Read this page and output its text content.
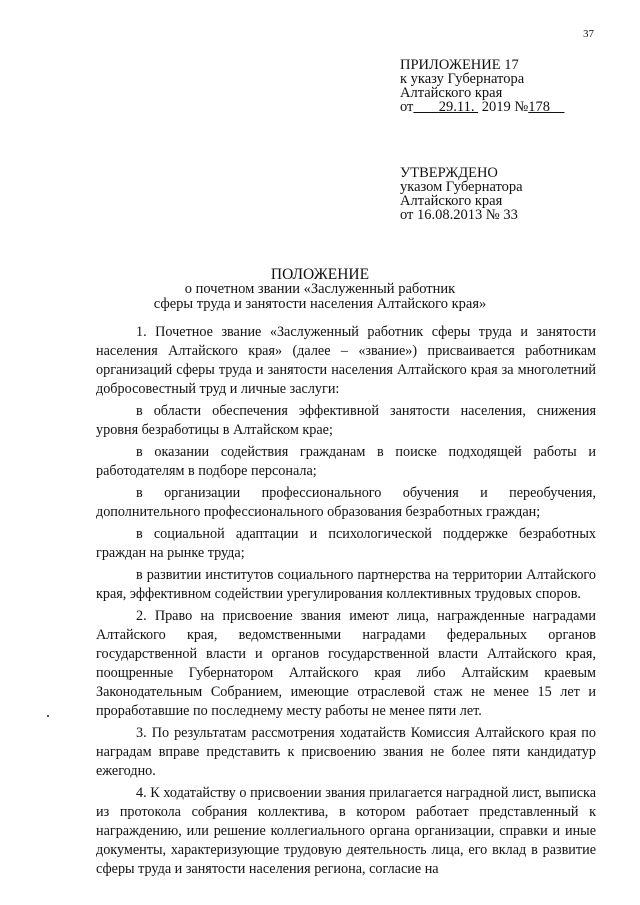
37
ПРИЛОЖЕНИЕ 17
к указу Губернатора
Алтайского края
от 29.11. 2019 №178
УТВЕРЖДЕНО
указом Губернатора
Алтайского края
от 16.08.2013 № 33
ПОЛОЖЕНИЕ
о почетном звании «Заслуженный работник
сферы труда и занятости населения Алтайского края»

1. Почетное звание «Заслуженный работник сферы труда и занятости населения Алтайского края» (далее – «звание») присваивается работникам организаций сферы труда и занятости населения Алтайского края за многолетний добросовестный труд и личные заслуги:

в области обеспечения эффективной занятости населения, снижения уровня безработицы в Алтайском крае;

в оказании содействия гражданам в поиске подходящей работы и работодателям в подборе персонала;

в организации профессионального обучения и переобучения, дополнительного профессионального образования безработных граждан;

в социальной адаптации и психологической поддержке безработных граждан на рынке труда;

в развитии институтов социального партнерства на территории Алтайского края, эффективном содействии урегулирования коллективных трудовых споров.

2. Право на присвоение звания имеют лица, награжденные наградами Алтайского края, ведомственными наградами федеральных органов государственной власти и органов государственной власти Алтайского края, поощренные Губернатором Алтайского края либо Алтайским краевым Законодательным Собранием, имеющие отраслевой стаж не менее 15 лет и проработавшие по последнему месту работы не менее пяти лет.

3. По результатам рассмотрения ходатайств Комиссия Алтайского края по наградам вправе представить к присвоению звания не более пяти кандидатур ежегодно.

4. К ходатайству о присвоении звания прилагается наградной лист, выписка из протокола собрания коллектива, в котором работает представленный к награждению, или решение коллегиального органа организации, справки и иные документы, характеризующие трудовую деятельность лица, его вклад в развитие сферы труда и занятости населения региона, согласие на
